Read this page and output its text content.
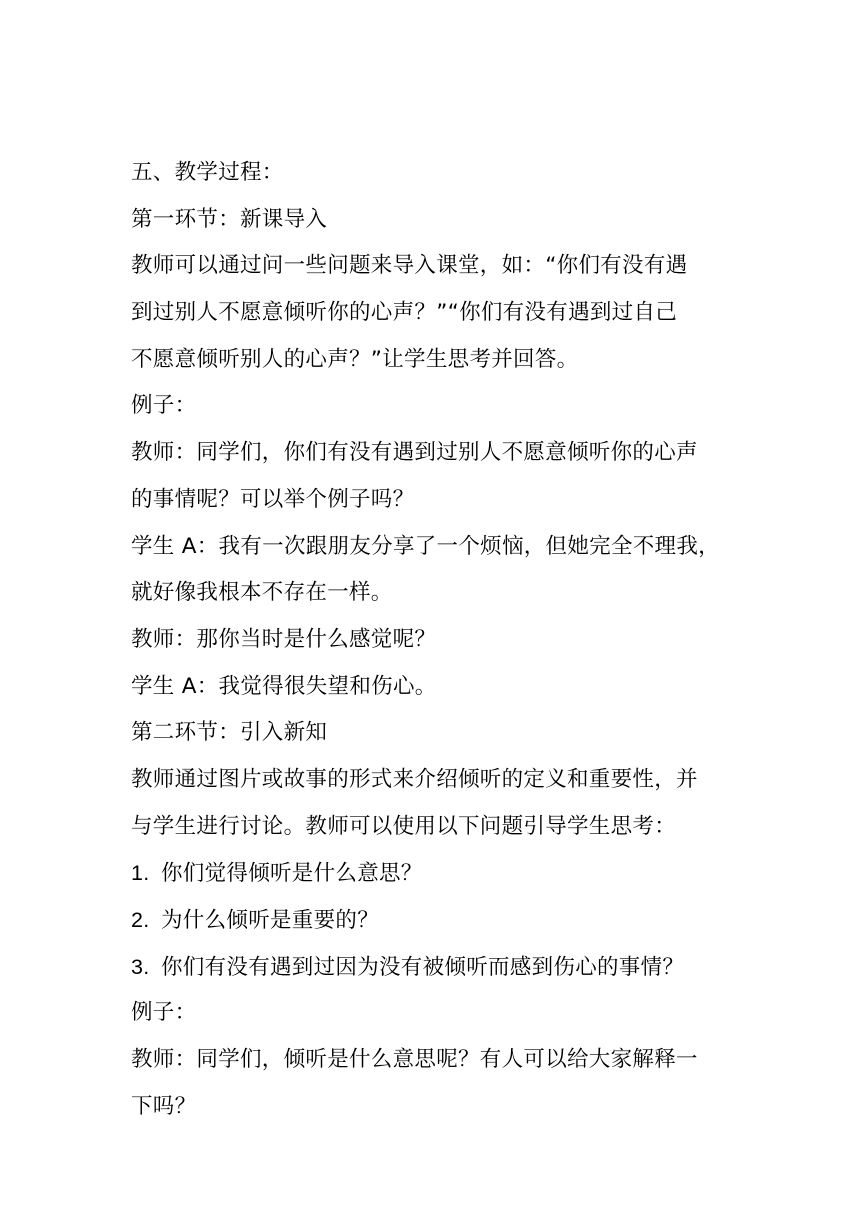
五、教学过程：
第一环节：新课导入
教师可以通过问一些问题来导入课堂，如：“你们有没有遇
到过别人不愿意倾听你的心声？”“你们有没有遇到过自己
不愿意倾听别人的心声？”让学生思考并回答。
例子：
教师：同学们，你们有没有遇到过别人不愿意倾听你的心声
的事情呢？可以举个例子吗？
学生 A：我有一次跟朋友分享了一个烦恼，但她完全不理我，
就好像我根本不存在一样。
教师：那你当时是什么感觉呢？
学生 A：我觉得很失望和伤心。
第二环节：引入新知
教师通过图片或故事的形式来介绍倾听的定义和重要性，并
与学生进行讨论。教师可以使用以下问题引导学生思考：
1. 你们觉得倾听是什么意思？
2. 为什么倾听是重要的？
3. 你们有没有遇到过因为没有被倾听而感到伤心的事情？
例子：
教师：同学们，倾听是什么意思呢？有人可以给大家解释一
下吗？
